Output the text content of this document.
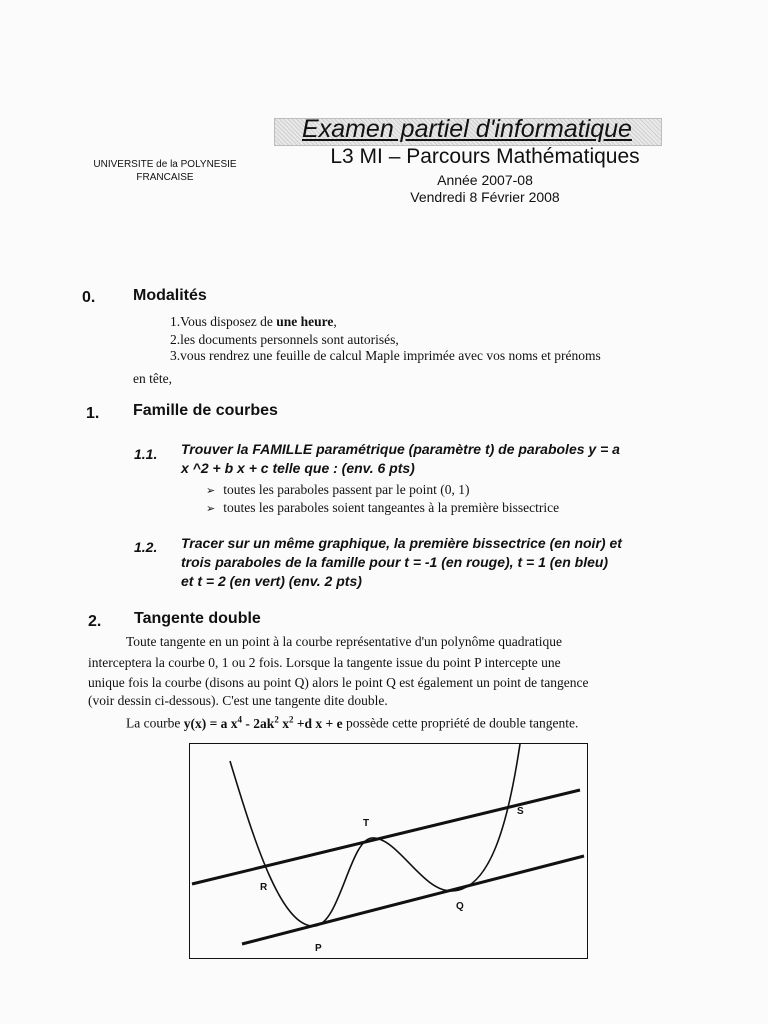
Examen partiel d'informatique
UNIVERSITE de la POLYNESIE
FRANCAISE
L3 MI – Parcours Mathématiques
Année 2007-08
Vendredi 8 Février 2008
0. Modalités
1.Vous disposez de une heure,
2.les documents personnels sont autorisés,
3.vous rendrez une feuille de calcul Maple imprimée avec vos noms et prénoms
en tête,
1. Famille de courbes
1.1. Trouver la FAMILLE paramétrique (paramètre t) de paraboles y = a
x ^2 + b x + c telle que : (env. 6 pts)
➢ toutes les paraboles passent par le point (0, 1)
➢ toutes les paraboles soient tangeantes à la première bissectrice
1.2. Tracer sur un même graphique, la première bissectrice (en noir) et
trois paraboles de la famille pour t = -1 (en rouge), t = 1 (en bleu)
et t = 2 (en vert) (env. 2 pts)
2. Tangente double
Toute tangente en un point à la courbe représentative d'un polynôme quadratique
interceptera la courbe 0, 1 ou 2 fois. Lorsque la tangente issue du point P intercepte une
unique fois la courbe (disons au point Q) alors le point Q est également un point de tangence
(voir dessin ci-dessous). C'est une tangente dite double.
La courbe y(x) = a $x^4 - 2ak^2$ $x^2 +d$ x + e possède cette propriété de double tangente.
T
S
R
Q
P
